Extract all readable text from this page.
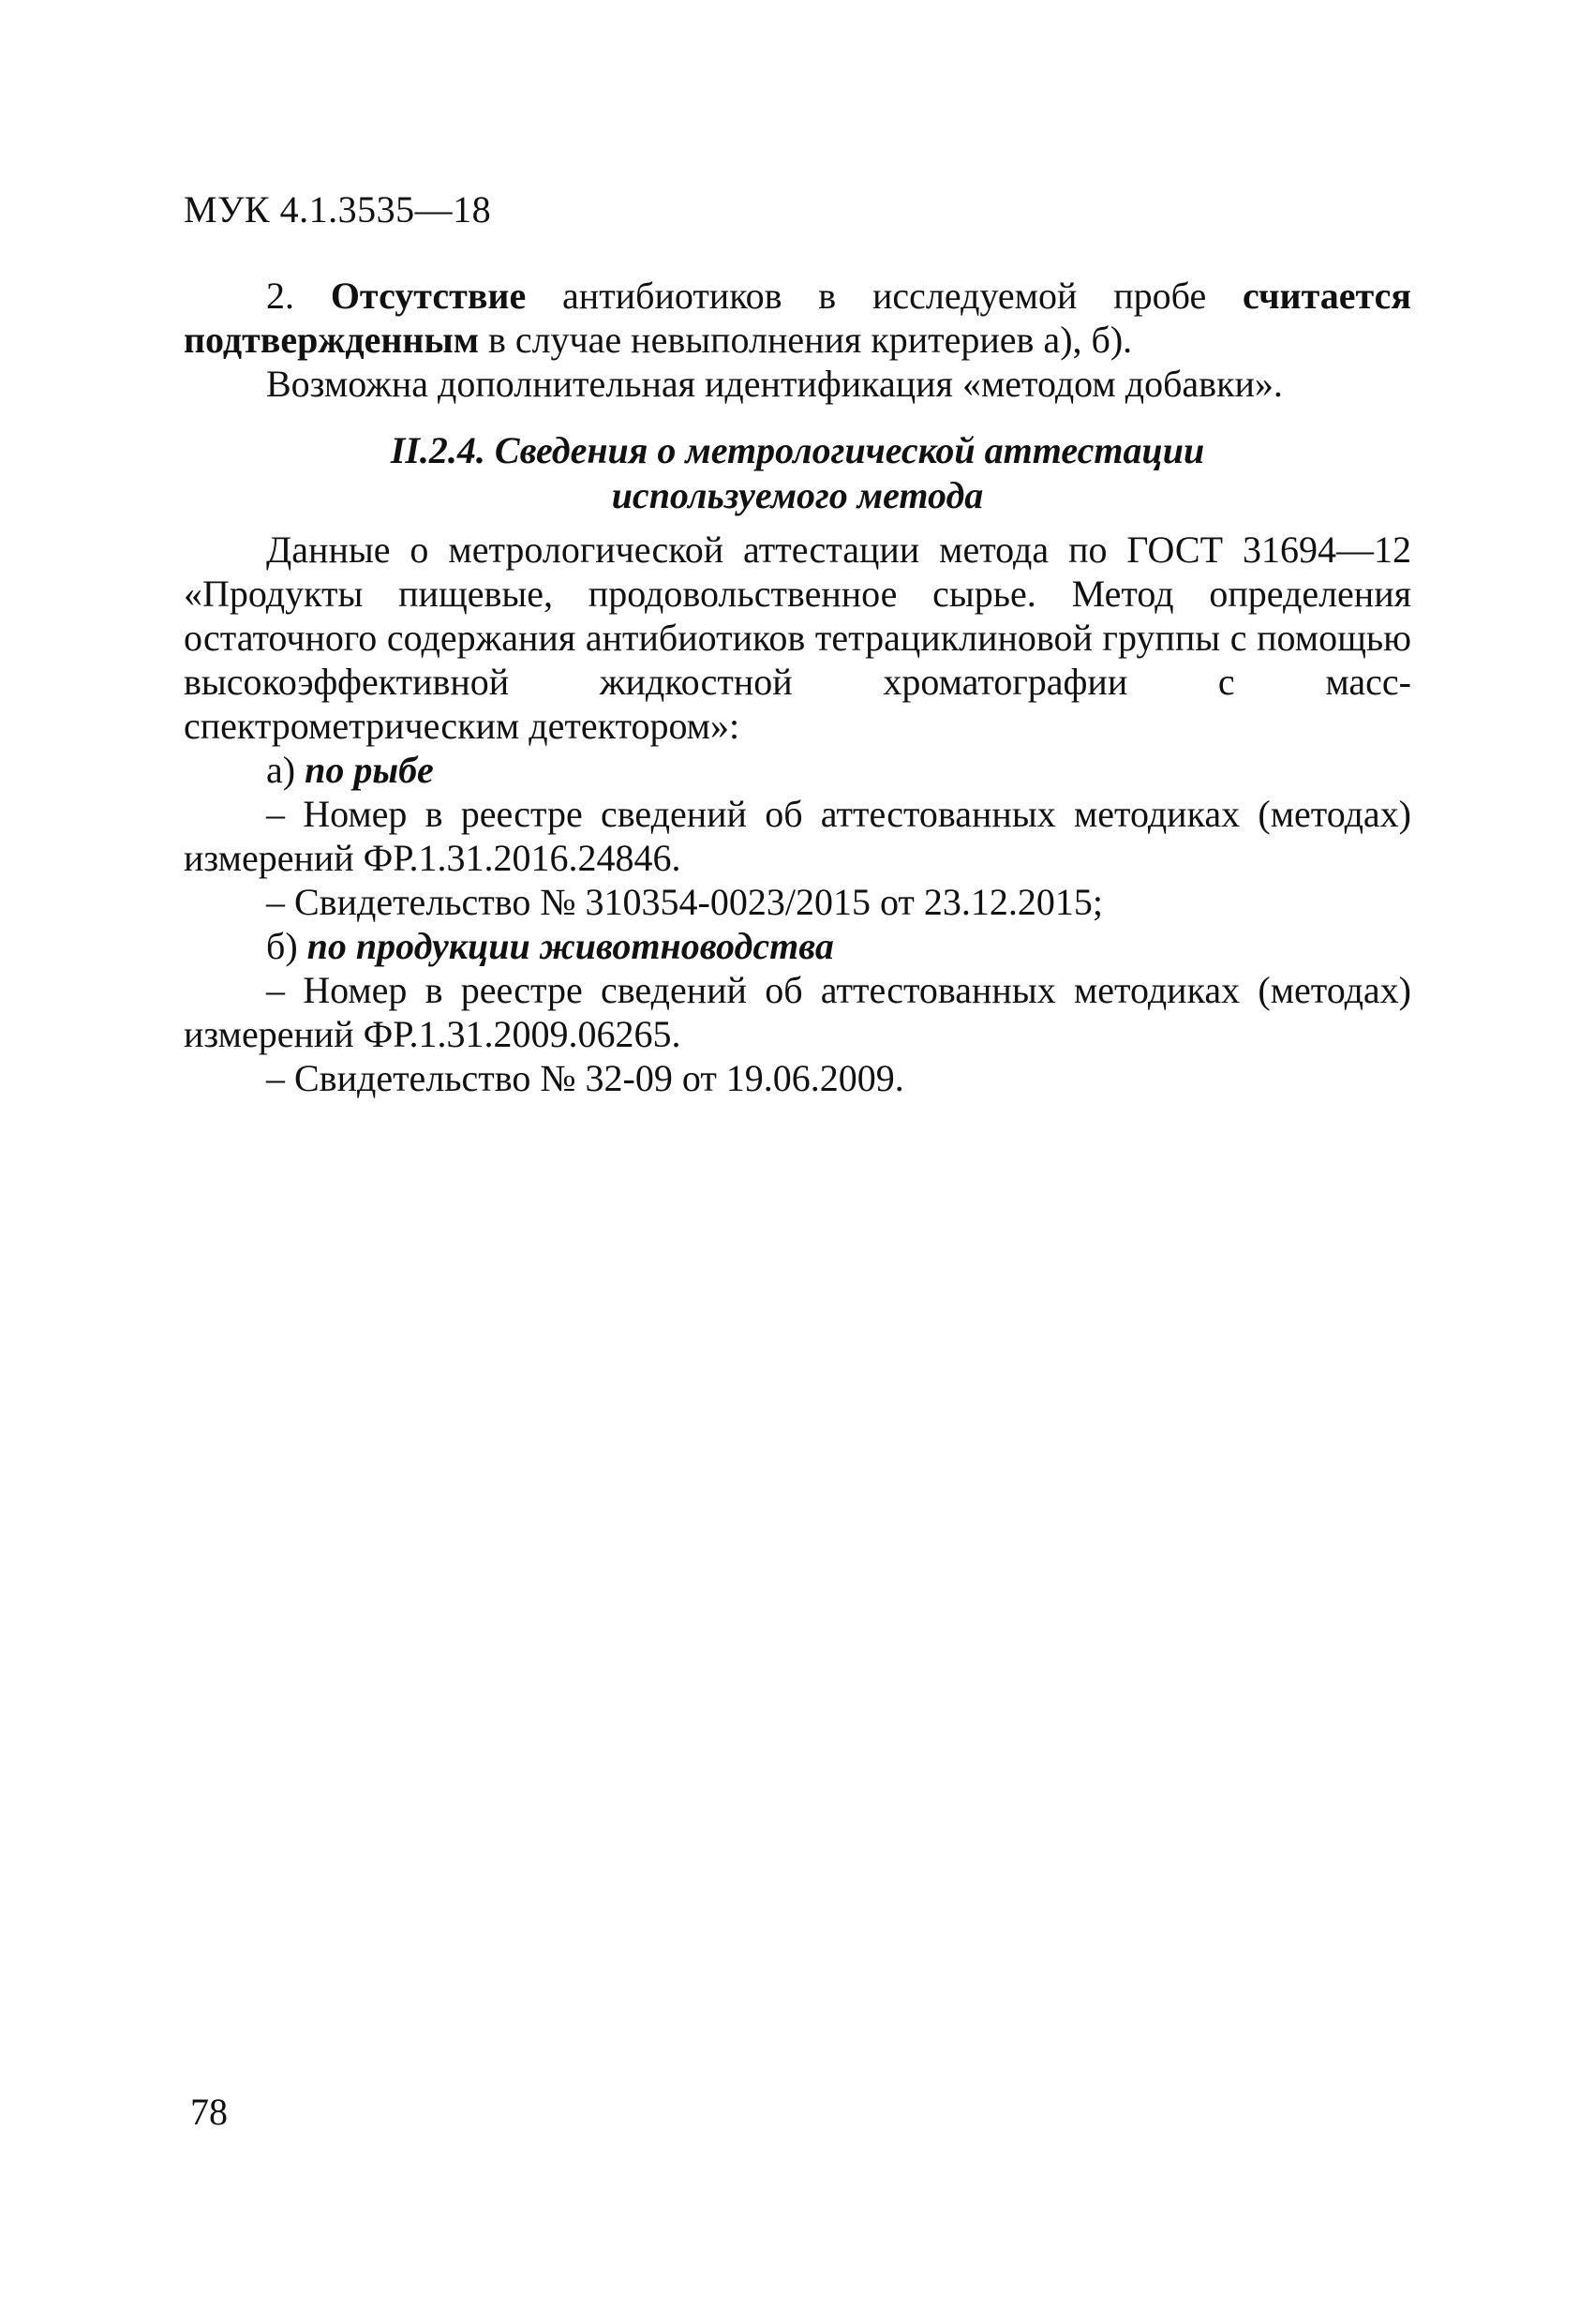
МУК 4.1.3535—18

2. Отсутствие антибиотиков в исследуемой пробе считается подтвержденным в случае невыполнения критериев а), б).

Возможна дополнительная идентификация «методом добавки».

II.2.4. Сведения о метрологической аттестации
используемого метода

Данные о метрологической аттестации метода по ГОСТ 31694—12 «Продукты пищевые, продовольственное сырье. Метод определения остаточного содержания антибиотиков тетрациклиновой группы с помощью высокоэффективной жидкостной хроматографии с масс-спектрометрическим детектором»:

а) по рыбе

– Номер в реестре сведений об аттестованных методиках (методах) измерений ФР.1.31.2016.24846.

– Свидетельство № 310354-0023/2015 от 23.12.2015;

б) по продукции животноводства

– Номер в реестре сведений об аттестованных методиках (методах) измерений ФР.1.31.2009.06265.

– Свидетельство № 32-09 от 19.06.2009.

78
